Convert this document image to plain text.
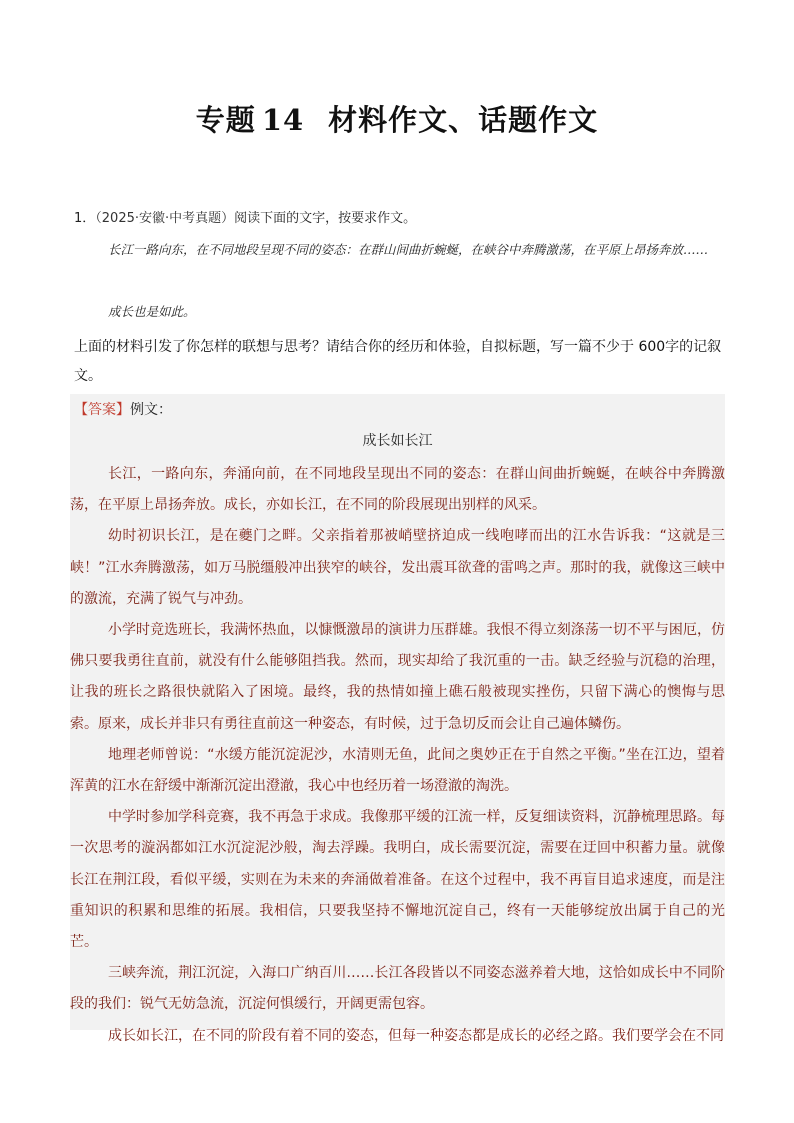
专题 14 材料作文、话题作文
1．（2025·安徽·中考真题）阅读下面的文字，按要求作文。
长江一路向东，在不同地段呈现不同的姿态：在群山间曲折蜿蜒，在峡谷中奔腾激荡，在平原上昂扬奔放……
成长也是如此。
上面的材料引发了你怎样的联想与思考？请结合你的经历和体验，自拟标题，写一篇不少于 600字的记叙文。
【答案】例文：
成长如长江

长江，一路向东，奔涌向前，在不同地段呈现出不同的姿态：在群山间曲折蜿蜒，在峡谷中奔腾激荡，在平原上昂扬奔放。成长，亦如长江，在不同的阶段展现出别样的风采。

幼时初识长江，是在夔门之畔。父亲指着那被峭壁挤迫成一线咆哮而出的江水告诉我：“这就是三峡！”江水奔腾激荡，如万马脱缰般冲出狭窄的峡谷，发出震耳欲聋的雷鸣之声。那时的我，就像这三峡中的激流，充满了锐气与冲劲。

小学时竞选班长，我满怀热血，以慷慨激昂的演讲力压群雄。我恨不得立刻涤荡一切不平与困厄，仿佛只要我勇往直前，就没有什么能够阻挡我。然而，现实却给了我沉重的一击。缺乏经验与沉稳的治理，让我的班长之路很快就陷入了困境。最终，我的热情如撞上礁石般被现实挫伤，只留下满心的懊悔与思索。原来，成长并非只有勇往直前这一种姿态，有时候，过于急切反而会让自己遍体鳞伤。

地理老师曾说：“水缓方能沉淀泥沙，水清则无鱼，此间之奥妙正在于自然之平衡。”坐在江边，望着浑黄的江水在舒缓中渐渐沉淀出澄澈，我心中也经历着一场澄澈的淘洗。

中学时参加学科竞赛，我不再急于求成。我像那平缓的江流一样，反复细读资料，沉静梳理思路。每一次思考的漩涡都如江水沉淀泥沙般，淘去浮躁。我明白，成长需要沉淀，需要在迂回中积蓄力量。就像长江在荆江段，看似平缓，实则在为未来的奔涌做着准备。在这个过程中，我不再盲目追求速度，而是注重知识的积累和思维的拓展。我相信，只要我坚持不懈地沉淀自己，终有一天能够绽放出属于自己的光芒。

三峡奔流，荆江沉淀，入海口广纳百川……长江各段皆以不同姿态滋养着大地，这恰如成长中不同阶段的我们：锐气无妨急流，沉淀何惧缓行，开阔更需包容。

成长如长江，在不同的阶段有着不同的姿态，但每一种姿态都是成长的必经之路。我们要学会在不同
